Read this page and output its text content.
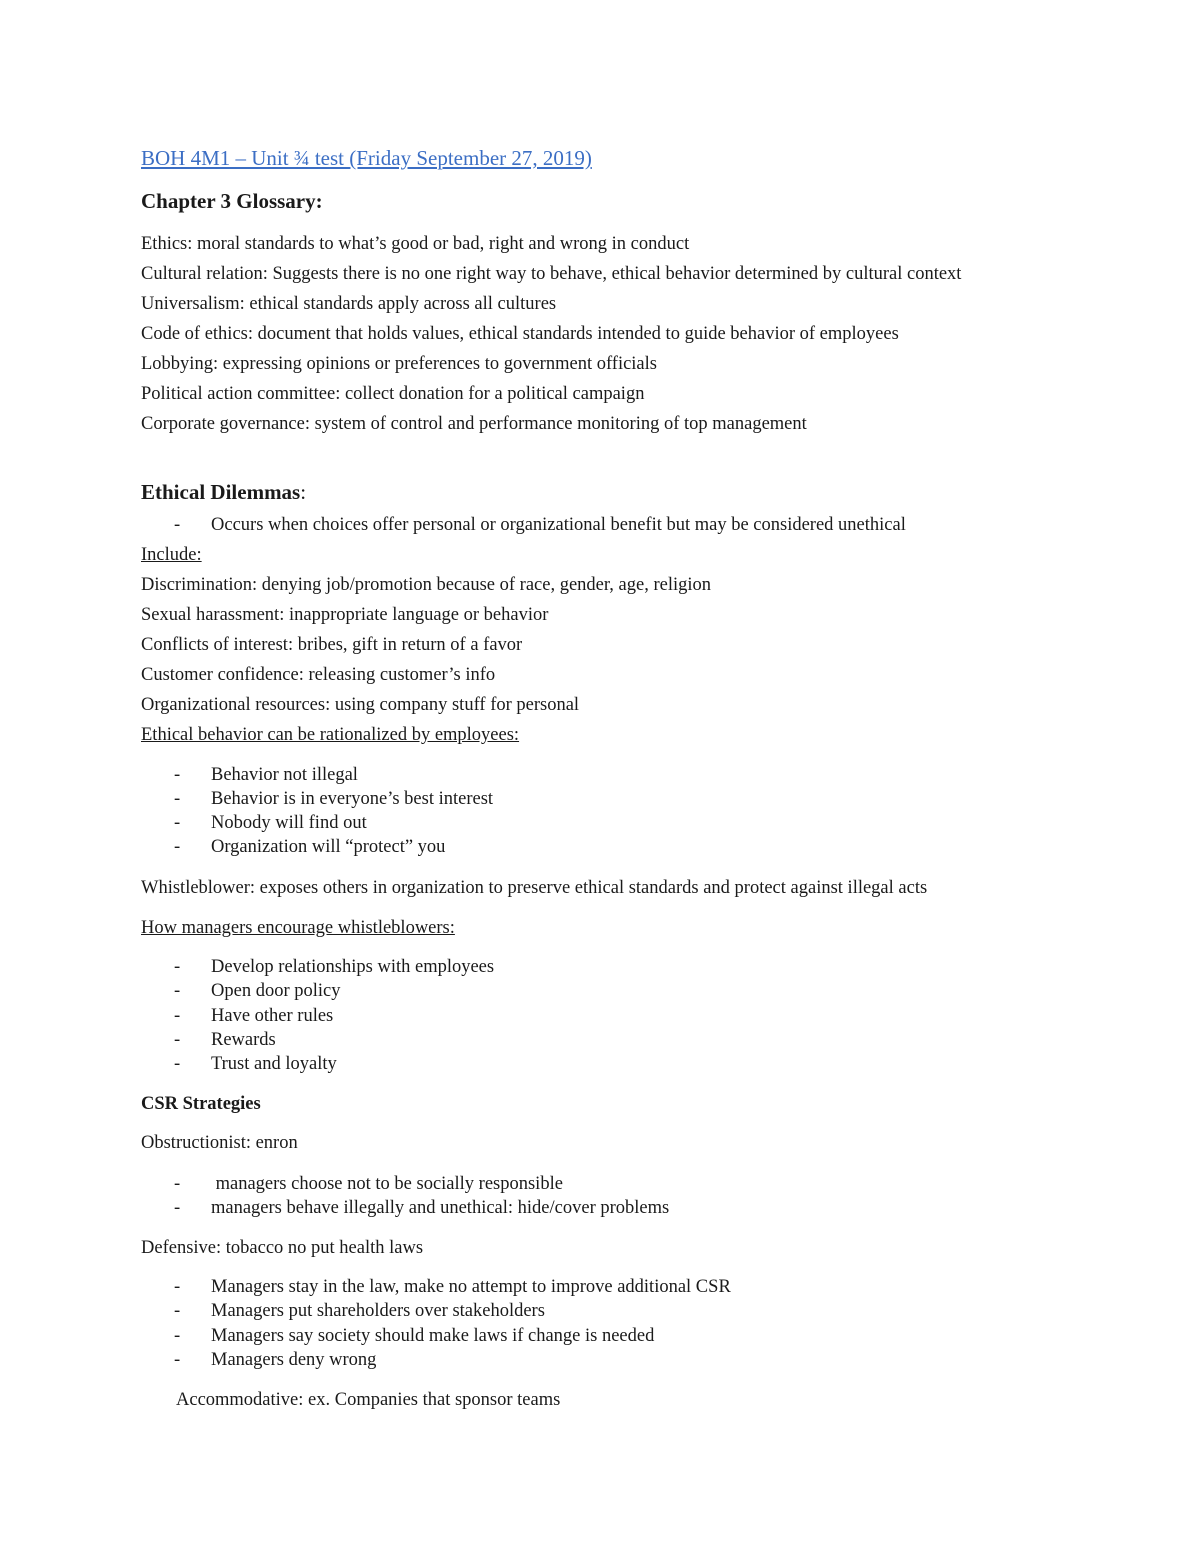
BOH 4M1 – Unit ¾ test (Friday September 27, 2019)
Chapter 3 Glossary:
Ethics: moral standards to what’s good or bad, right and wrong in conduct
Cultural relation: Suggests there is no one right way to behave, ethical behavior determined by cultural context
Universalism: ethical standards apply across all cultures
Code of ethics: document that holds values, ethical standards intended to guide behavior of employees
Lobbying: expressing opinions or preferences to government officials
Political action committee: collect donation for a political campaign
Corporate governance: system of control and performance monitoring of top management
Ethical Dilemmas:
- Occurs when choices offer personal or organizational benefit but may be considered unethical
Include:
Discrimination: denying job/promotion because of race, gender, age, religion
Sexual harassment: inappropriate language or behavior
Conflicts of interest: bribes, gift in return of a favor
Customer confidence: releasing customer’s info
Organizational resources: using company stuff for personal
Ethical behavior can be rationalized by employees:
- Behavior not illegal
- Behavior is in everyone’s best interest
- Nobody will find out
- Organization will “protect” you
Whistleblower: exposes others in organization to preserve ethical standards and protect against illegal acts
How managers encourage whistleblowers:
- Develop relationships with employees
- Open door policy
- Have other rules
- Rewards
- Trust and loyalty
CSR Strategies
Obstructionist: enron
- managers choose not to be socially responsible
- managers behave illegally and unethical: hide/cover problems
Defensive: tobacco no put health laws
- Managers stay in the law, make no attempt to improve additional CSR
- Managers put shareholders over stakeholders
- Managers say society should make laws if change is needed
- Managers deny wrong
Accommodative: ex. Companies that sponsor teams
